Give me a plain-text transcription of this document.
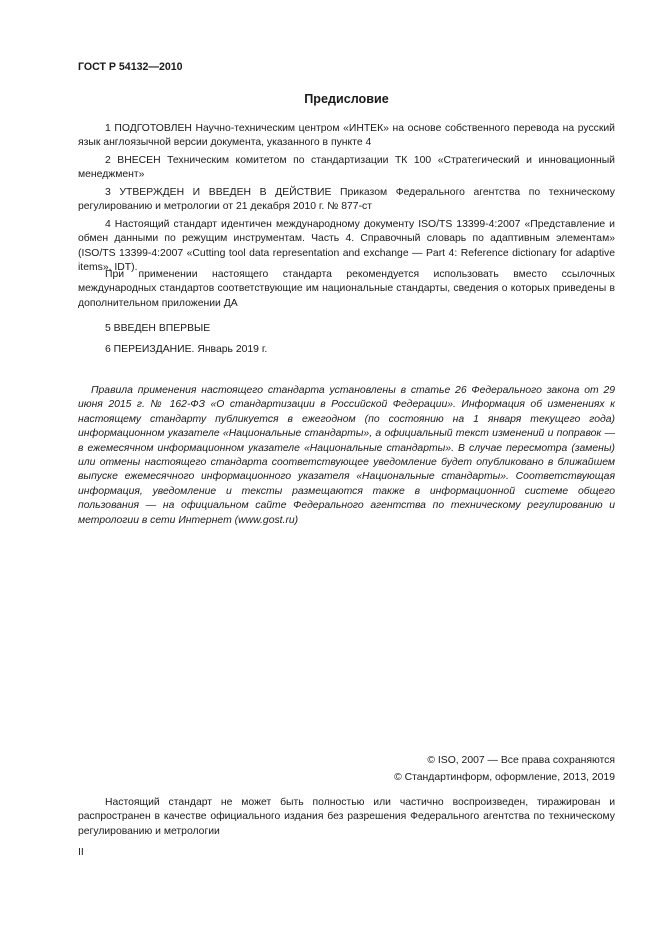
ГОСТ Р 54132—2010
Предисловие

1 ПОДГОТОВЛЕН Научно-техническим центром «ИНТЕК» на основе собственного перевода на русский язык англоязычной версии документа, указанного в пункте 4

2 ВНЕСЕН Техническим комитетом по стандартизации ТК 100 «Стратегический и инновационный менеджмент»

3 УТВЕРЖДЕН И ВВЕДЕН В ДЕЙСТВИЕ Приказом Федерального агентства по техническому регулированию и метрологии от 21 декабря 2010 г. № 877-ст

4 Настоящий стандарт идентичен международному документу ISO/TS 13399-4:2007 «Представление и обмен данными по режущим инструментам. Часть 4. Справочный словарь по адаптивным элементам» (ISO/TS 13399-4:2007 «Cutting tool data representation and exchange — Part 4: Reference dictionary for adaptive items», IDT).

При применении настоящего стандарта рекомендуется использовать вместо ссылочных международных стандартов соответствующие им национальные стандарты, сведения о которых приведены в дополнительном приложении ДА

5 ВВЕДЕН ВПЕРВЫЕ

6 ПЕРЕИЗДАНИЕ. Январь 2019 г.

Правила применения настоящего стандарта установлены в статье 26 Федерального закона от 29 июня 2015 г. № 162-ФЗ «О стандартизации в Российской Федерации». Информация об изменениях к настоящему стандарту публикуется в ежегодном (по состоянию на 1 января текущего года) информационном указателе «Национальные стандарты», а официальный текст изменений и поправок — в ежемесячном информационном указателе «Национальные стандарты». В случае пересмотра (замены) или отмены настоящего стандарта соответствующее уведомление будет опубликовано в ближайшем выпуске ежемесячного информационного указателя «Национальные стандарты». Соответствующая информация, уведомление и тексты размещаются также в информационной системе общего пользования — на официальном сайте Федерального агентства по техническому регулированию и метрологии в сети Интернет (www.gost.ru)

© ISO, 2007 — Все права сохраняются
© Стандартинформ, оформление, 2013, 2019

Настоящий стандарт не может быть полностью или частично воспроизведен, тиражирован и распространен в качестве официального издания без разрешения Федерального агентства по техническому регулированию и метрологии

II
